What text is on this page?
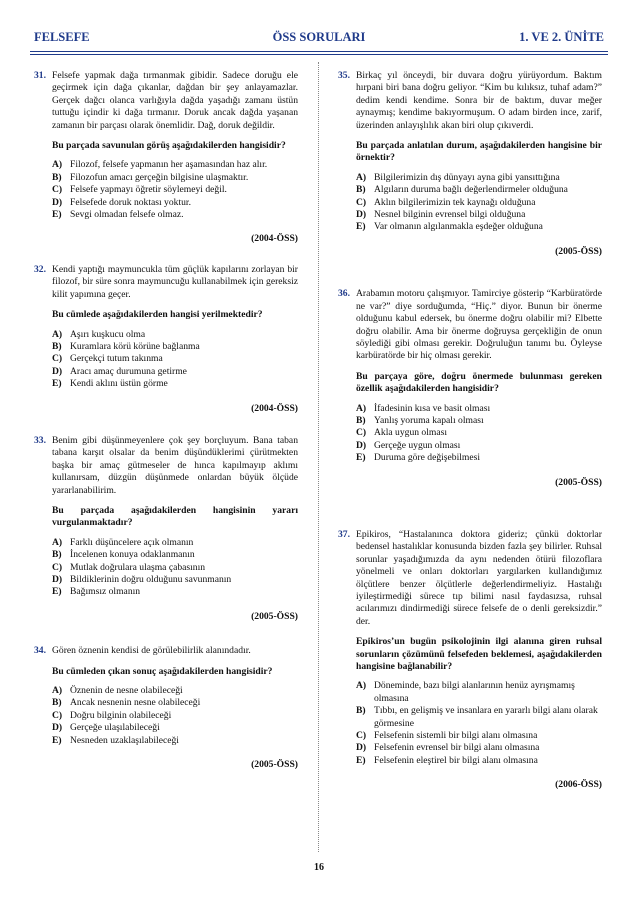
FELSEFE	ÖSS SORULARI	1. VE 2. ÜNİTE
31. Felsefe yapmak dağa tırmanmak gibidir. Sadece doruğu ele geçirmek için dağa çıkanlar, dağdan bir şey anlayamazlar. Gerçek dağcı olanca varlığıyla dağda yaşadığı zamanı üstün tuttuğu içindir ki dağa tırmanır. Doruk ancak dağda yaşanan zamanın bir parçası olarak önemlidir. Dağ, doruk değildir.

Bu parçada savunulan görüş aşağıdakilerden hangisidir?

A) Filozof, felsefe yapmanın her aşamasından haz alır.
B) Filozofun amacı gerçeğin bilgisine ulaşmaktır.
C) Felsefe yapmayı öğretir söylemeyi değil.
D) Felsefede doruk noktası yoktur.
E) Sevgi olmadan felsefe olmaz.
(2004-ÖSS)
32. Kendi yaptığı maymuncukla tüm güçlük kapılarını zorlayan bir filozof, bir süre sonra maymuncuğu kullanabilmek için gereksiz kilit yapımına geçer.

Bu cümlede aşağıdakilerden hangisi yerilmektedir?

A) Aşırı kuşkucu olma
B) Kuramlara körü körüne bağlanma
C) Gerçekçi tutum takınma
D) Aracı amaç durumuna getirme
E) Kendi aklını üstün görme
(2004-ÖSS)
33. Benim gibi düşünmeyenlere çok şey borçluyum. Bana taban tabana karşıt olsalar da benim düşündüklerimi çürütmekten başka bir amaç gütmeseler de hınca kapılmayıp aklımı kullanırsam, düzgün düşünmede onlardan büyük ölçüde yararlanabilirim.

Bu parçada aşağıdakilerden hangisinin yararı vurgulanmaktadır?

A) Farklı düşüncelere açık olmanın
B) İncelenen konuya odaklanmanın
C) Mutlak doğrulara ulaşma çabasının
D) Bildiklerinin doğru olduğunu savunmanın
E) Bağımsız olmanın
(2005-ÖSS)
34. Gören öznenin kendisi de görülebilirlik alanındadır.

Bu cümleden çıkan sonuç aşağıdakilerden hangisidir?

A) Öznenin de nesne olabileceği
B) Ancak nesnenin nesne olabileceği
C) Doğru bilginin olabileceği
D) Gerçeğe ulaşılabileceği
E) Nesneden uzaklaşılabileceği
(2005-ÖSS)
35. Birkaç yıl önceydi, bir duvara doğru yürüyordum. Baktım hırpani biri bana doğru geliyor. “Kim bu kılıksız, tuhaf adam?” dedim kendi kendime. Sonra bir de baktım, duvar meğer aynaymış; kendime bakıyormuşum. O adam birden ince, zarif, üzerinden anlayışlılık akan biri olup çıkıverdi.

Bu parçada anlatılan durum, aşağıdakilerden hangisine bir örnektir?

A) Bilgilerimizin dış dünyayı ayna gibi yansıttığına
B) Algıların duruma bağlı değerlendirmeler olduğuna
C) Aklın bilgilerimizin tek kaynağı olduğuna
D) Nesnel bilginin evrensel bilgi olduğuna
E) Var olmanın algılanmakla eşdeğer olduğuna
(2005-ÖSS)
36. Arabamın motoru çalışmıyor. Tamirciye gösterip “Karbüratörde ne var?” diye sorduğumda, “Hiç.” diyor. Bunun bir önerme olduğunu kabul edersek, bu önerme doğru olabilir mi? Elbette doğru olabilir. Ama bir önerme doğruysa gerçekliğin de onun söylediği gibi olması gerekir. Doğruluğun tanımı bu. Öyleyse karbüratörde bir hiç olması gerekir.

Bu parçaya göre, doğru önermede bulunması gereken özellik aşağıdakilerden hangisidir?

A) İfadesinin kısa ve basit olması
B) Yanlış yoruma kapalı olması
C) Akla uygun olması
D) Gerçeğe uygun olması
E) Duruma göre değişebilmesi
(2005-ÖSS)
37. Epikiros, “Hastalanınca doktora gideriz; çünkü doktorlar bedensel hastalıklar konusunda bizden fazla şey bilirler. Ruhsal sorunlar yaşadığımızda da aynı nedenden ötürü filozoflara yönelmeli ve onları doktorları yargılarken kullandığımız ölçütlere benzer ölçütlerle değerlendirmeliyiz. Hastalığı iyileştirmediği sürece tıp bilimi nasıl faydasızsa, ruhsal acılarımızı dindirmediği sürece felsefe de o denli gereksizdir.” der.

Epikiros’un bugün psikolojinin ilgi alanına giren ruhsal sorunların çözümünü felsefeden beklemesi, aşağıdakilerden hangisine bağlanabilir?

A) Döneminde, bazı bilgi alanlarının henüz ayrışmamış olmasına
B) Tıbbı, en gelişmiş ve insanlara en yararlı bilgi alanı olarak görmesine
C) Felsefenin sistemli bir bilgi alanı olmasına
D) Felsefenin evrensel bir bilgi alanı olmasına
E) Felsefenin eleştirel bir bilgi alanı olmasına
(2006-ÖSS)
16
